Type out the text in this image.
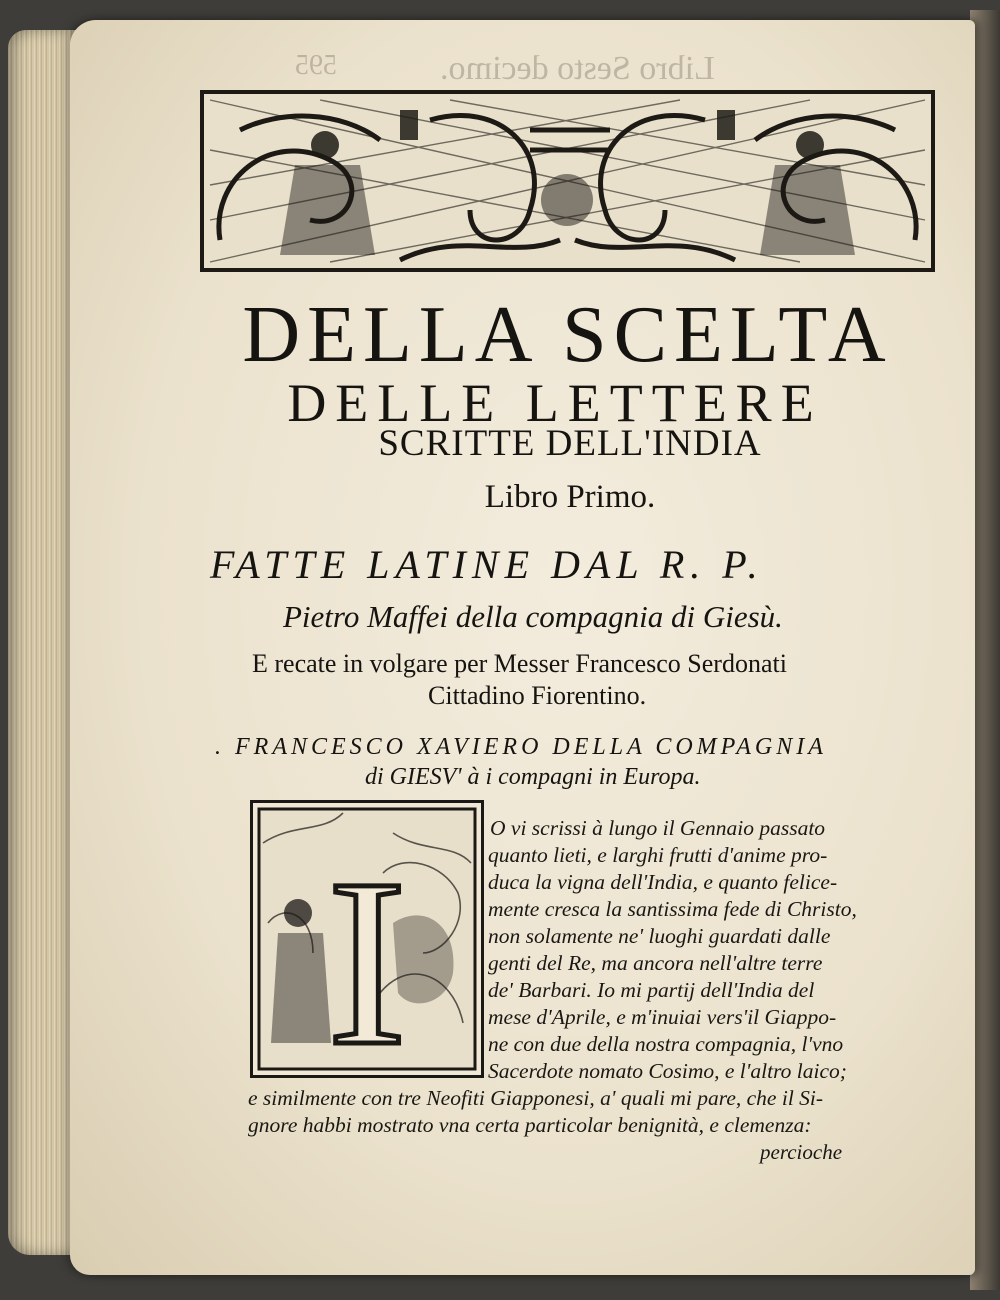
Libro Sesto decimo.
595
DELLA SCELTA
DELLE LETTERE
SCRITTE DELL'INDIA
Libro Primo.
FATTE LATINE DAL R. P.
Pietro Maffei della compagnia di Giesù.
E recate in volgare per Messer Francesco Serdonati
Cittadino Fiorentino.
. FRANCESCO XAVIERO DELLA COMPAGNIA
di GIESV' à i compagni in Europa.
I
O vi scrissi à lungo il Gennaio passato
quanto lieti, e larghi frutti d'anime pro-
duca la vigna dell'India, e quanto felice-
mente cresca la santissima fede di Christo,
non solamente ne' luoghi guardati dalle
genti del Re, ma ancora nell'altre terre
de' Barbari. Io mi partij dell'India del
mese d'Aprile, e m'inuiai vers'il Giappo-
ne con due della nostra compagnia, l'vno
Sacerdote nomato Cosimo, e l'altro laico;
e similmente con tre Neofiti Giapponesi, a' quali mi pare, che il Si-
gnore habbi mostrato vna certa particolar benignità, e clemenza:
percioche
